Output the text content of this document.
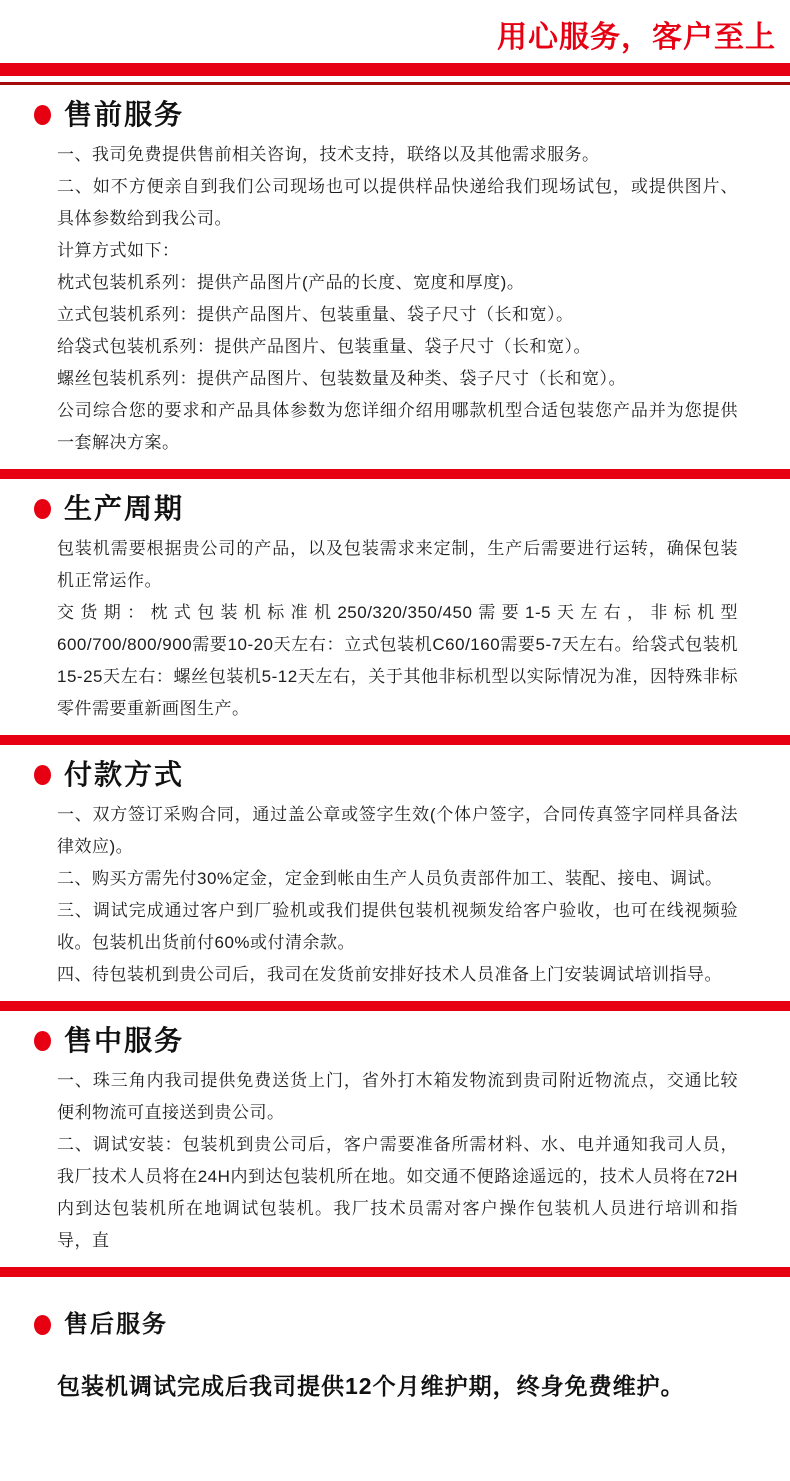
用心服务，客户至上
售前服务

一、我司免费提供售前相关咨询，技术支持，联络以及其他需求服务。

二、如不方便亲自到我们公司现场也可以提供样品快递给我们现场试包，或提供图片、具体参数给到我公司。

计算方式如下：

枕式包装机系列：提供产品图片(产品的长度、宽度和厚度)。

立式包装机系列：提供产品图片、包装重量、袋子尺寸（长和宽）。

给袋式包装机系列：提供产品图片、包装重量、袋子尺寸（长和宽）。

螺丝包装机系列：提供产品图片、包装数量及种类、袋子尺寸（长和宽）。

公司综合您的要求和产品具体参数为您详细介绍用哪款机型合适包装您产品并为您提供一套解决方案。

生产周期

包装机需要根据贵公司的产品，以及包装需求来定制，生产后需要进行运转，确保包装机正常运作。

交货期：枕式包装机标准机250/320/350/450需要1-5天左右，非标机型600/700/800/900需要10-20天左右：立式包装机C60/160需要5-7天左右。给袋式包装机15-25天左右：螺丝包装机5-12天左右，关于其他非标机型以实际情况为准，因特殊非标零件需要重新画图生产。

付款方式

一、双方签订采购合同，通过盖公章或签字生效(个体户签字，合同传真签字同样具备法律效应)。

二、购买方需先付30%定金，定金到帐由生产人员负责部件加工、装配、接电、调试。

三、调试完成通过客户到厂验机或我们提供包装机视频发给客户验收，也可在线视频验收。包装机出货前付60%或付清余款。

四、待包装机到贵公司后，我司在发货前安排好技术人员准备上门安装调试培训指导。

售中服务

一、珠三角内我司提供免费送货上门，省外打木箱发物流到贵司附近物流点，交通比较便利物流可直接送到贵公司。

二、调试安装：包装机到贵公司后，客户需要准备所需材料、水、电并通知我司人员，我厂技术人员将在24H内到达包装机所在地。如交通不便路途遥远的，技术人员将在72H内到达包装机所在地调试包装机。我厂技术员需对客户操作包装机人员进行培训和指导，直

售后服务

包装机调试完成后我司提供12个月维护期，终身免费维护。
